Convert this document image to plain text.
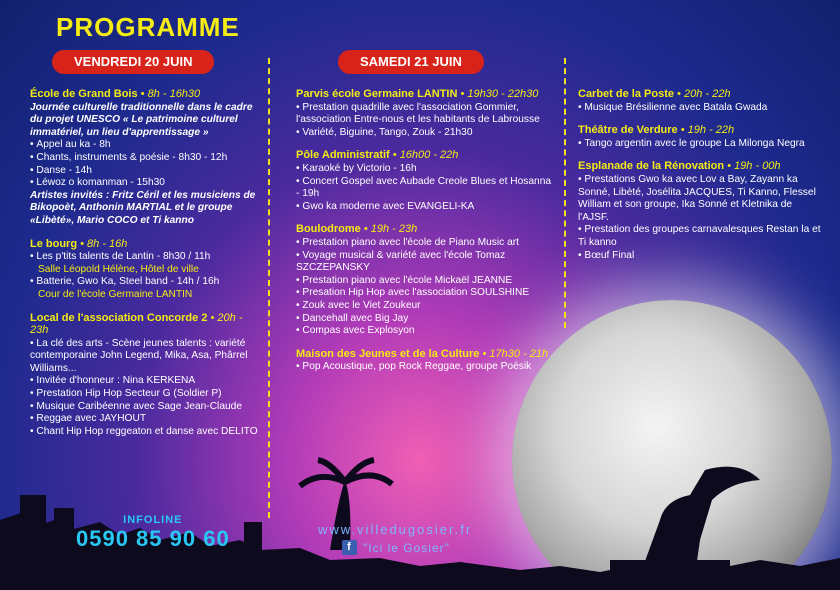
PROGRAMME
VENDREDI 20 JUIN	SAMEDI 21 JUIN
École de Grand Bois • 8h - 16h30
Journée culturelle traditionnelle dans le cadre du projet UNESCO « Le patrimoine culturel immatériel, un lieu d'apprentissage »
• Appel au ka - 8h
• Chants, instruments & poésie - 8h30 - 12h
• Danse - 14h
• Léwoz o komanman - 15h30
Artistes invités : Fritz Céril et les musiciens de Bikopoèt, Anthonin MARTIAL et le groupe «Libèté», Mario COCO et Ti kanno
Le bourg • 8h - 16h
• Les p'tits talents de Lantin - 8h30 / 11h
Salle Léopold Hélène, Hôtel de ville
• Batterie, Gwo Ka, Steel band - 14h / 16h
Cour de l'école Germaine LANTIN
Local de l'association Concorde 2 • 20h - 23h
• La clé des arts - Scène jeunes talents : variété contemporaine John Legend, Mika, Asa, Phârrel Williams...
• Invitée d'honneur : Nina KERKENA
• Prestation Hip Hop Secteur G (Soldier P)
• Musique Caribéenne avec Sage Jean-Claude
• Reggae avec JAYHOUT
• Chant Hip Hop reggeaton et danse avec DELITO
Parvis école Germaine LANTIN • 19h30 - 22h30
• Prestation quadrille avec l'association Gommier, l'association Entre-nous et les habitants de Labrousse
• Variété, Biguine, Tango, Zouk - 21h30
Pôle Administratif • 16h00 - 22h
• Karaoké by Victorio - 16h
• Concert Gospel avec Aubade Creole Blues et Hosanna - 19h
• Gwo ka moderne avec EVANGELI-KA
Boulodrome • 19h - 23h
• Prestation piano avec l'école de Piano Music art
• Voyage musical & variété avec l'école Tomaz SZCZEPANSKY
• Prestation piano avec l'école Mickaël JEANNE
• Presation Hip Hop avec l'association SOULSHINE
• Zouk avec le Viet Zoukeur
• Dancehall avec Big Jay
• Compas avec Explosyon
Maison des Jeunes et de la Culture • 17h30 - 21h
• Pop Acoustique, pop Rock Reggae, groupe Poésik
Carbet de la Poste • 20h - 22h
• Musique Brésilienne avec Batala Gwada
Théâtre de Verdure • 19h - 22h
• Tango argentin avec le groupe La Milonga Negra
Esplanade de la Rénovation • 19h - 00h
• Prestations Gwo ka avec Lov a Bay, Zayann ka Sonné, Libèté, Josélita JACQUES, Ti Kanno, Flessel William et son groupe, Ika Sonné et Kletnika de l'AJSF.
• Prestation des groupes carnavalesques Restan la et Ti kanno
• Bœuf Final
INFOLINE
0590 85 90 60	www.villedugosier.fr
f "Ici le Gosier"
